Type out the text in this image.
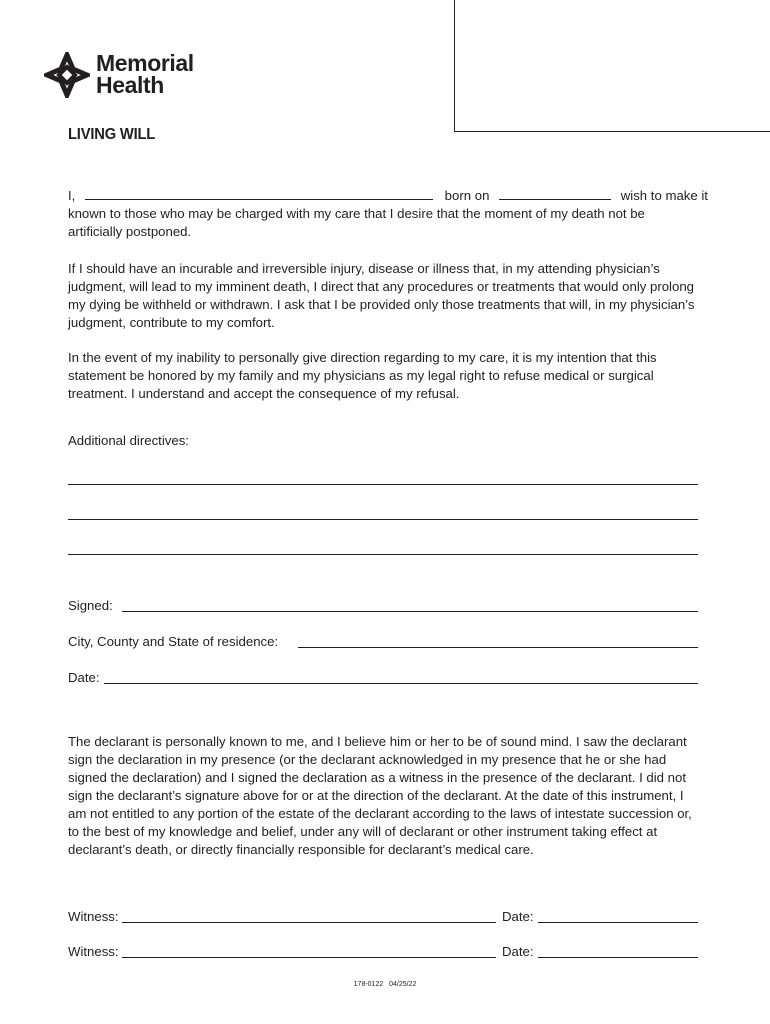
Memorial
Health
LIVING WILL
I,	born on	wish to make it

known to those who may be charged with my care that I desire that the moment of my death not be artificially postponed.

If I should have an incurable and irreversible injury, disease or illness that, in my attending physician’s judgment, will lead to my imminent death, I direct that any procedures or treatments that would only prolong my dying be withheld or withdrawn. I ask that I be provided only those treatments that will, in my physician’s judgment, contribute to my comfort.

In the event of my inability to personally give direction regarding to my care, it is my intention that this statement be honored by my family and my physicians as my legal right to refuse medical or surgical treatment. I understand and accept the consequence of my refusal.

Additional directives:
Signed:
City, County and State of residence:
Date:

The declarant is personally known to me, and I believe him or her to be of sound mind. I saw the declarant sign the declaration in my presence (or the declarant acknowledged in my presence that he or she had signed the declaration) and I signed the declaration as a witness in the presence of the declarant. I did not sign the declarant’s signature above for or at the direction of the declarant. At the date of this instrument, I am not entitled to any portion of the estate of the declarant according to the laws of intestate succession or, to the best of my knowledge and belief, under any will of declarant or other instrument taking effect at declarant’s death, or directly financially responsible for declarant’s medical care.

Witness:	Date:
Witness:	Date:
178-0122 04/25/22
